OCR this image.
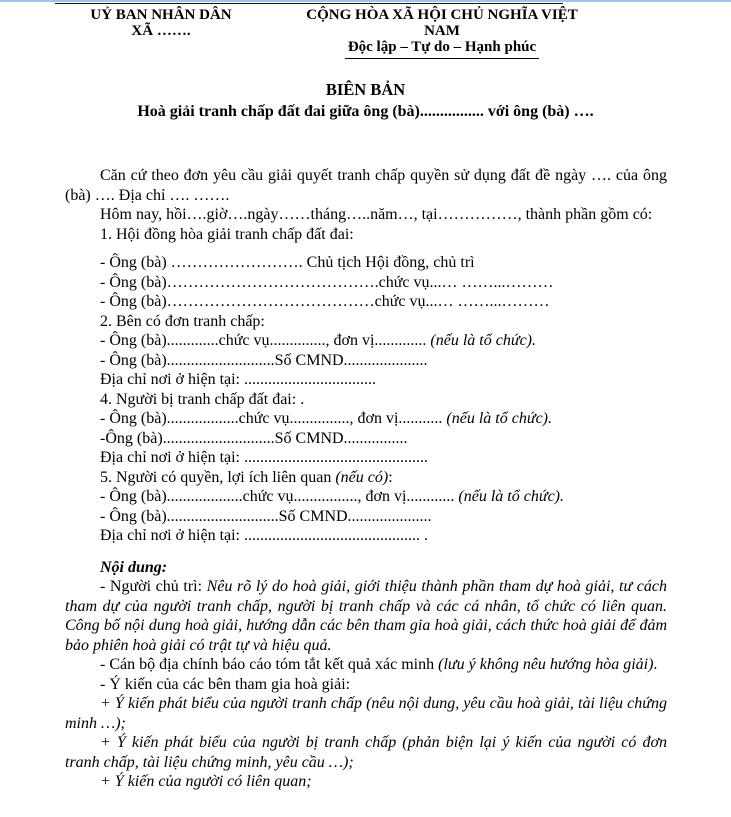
UỶ BAN NHÂN DÂN
XÃ …….
CỘNG HÒA XÃ HỘI CHỦ NGHĨA VIỆT NAM
Độc lập – Tự do – Hạnh phúc
BIÊN BẢN
Hoà giải tranh chấp đất đai giữa ông (bà)................ với ông (bà) ….

Căn cứ theo đơn yêu cầu giải quyết tranh chấp quyền sử dụng đất đề ngày …. của ông (bà) …. Địa chỉ …. …….

Hôm nay, hồi….giờ….ngày……tháng…..năm…, tại……………, thành phần gồm có:

1. Hội đồng hòa giải tranh chấp đất đai:

- Ông (bà) ……………………. Chủ tịch Hội đồng, chủ trì

- Ông (bà)………………………………….chức vụ...… ……...………

- Ông (bà)…………………………………chức vụ...… ……...………

2. Bên có đơn tranh chấp:

- Ông (bà).............chức vụ.............., đơn vị............. (nếu là tổ chức).

- Ông (bà)...........................Số CMND.....................

Địa chỉ nơi ở hiện tại: .................................

4. Người bị tranh chấp đất đai: .

- Ông (bà)..................chức vụ..............., đơn vị........... (nếu là tổ chức).

-Ông (bà)............................Số CMND................

Địa chỉ nơi ở hiện tại: ..............................................

5. Người có quyền, lợi ích liên quan (nếu có):

- Ông (bà)...................chức vụ................, đơn vị............ (nếu là tổ chức).

- Ông (bà)............................Số CMND.....................

Địa chỉ nơi ở hiện tại: ............................................ .

Nội dung:

- Người chủ trì: Nêu rõ lý do hoà giải, giới thiệu thành phần tham dự hoà giải, tư cách tham dự của người tranh chấp, người bị tranh chấp và các cá nhân, tổ chức có liên quan. Công bố nội dung hoà giải, hướng dẫn các bên tham gia hoà giải, cách thức hoà giải để đảm bảo phiên hoà giải có trật tự và hiệu quả.

- Cán bộ địa chính báo cáo tóm tắt kết quả xác minh (lưu ý không nêu hướng hòa giải).

- Ý kiến của các bên tham gia hoà giải:

+ Ý kiến phát biểu của người tranh chấp (nêu nội dung, yêu cầu hoà giải, tài liệu chứng minh …);

+ Ý kiến phát biểu của người bị tranh chấp (phản biện lại ý kiến của người có đơn tranh chấp, tài liệu chứng minh, yêu cầu …);

+ Ý kiến của người có liên quan;
